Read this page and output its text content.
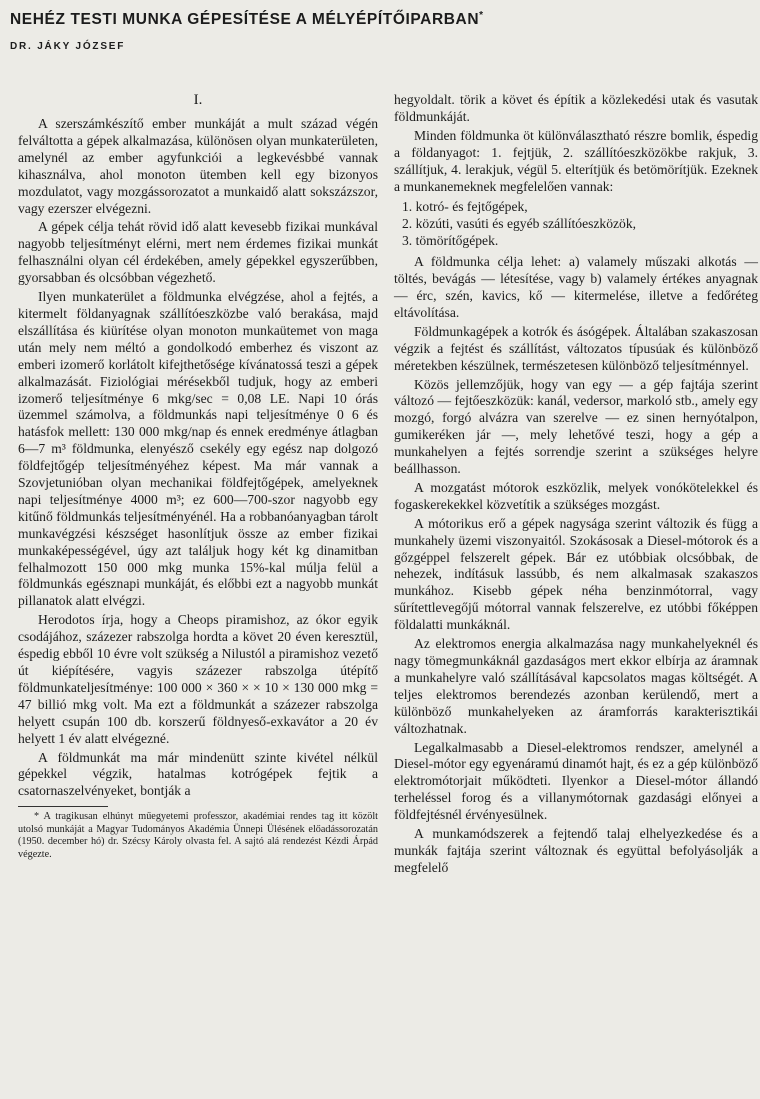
NEHÉZ TESTI MUNKA GÉPESÍTÉSE A MÉLYÉPÍTŐIPARBAN*
DR. JÁKY JÓZSEF
I.

A szerszámkészítő ember munkáját a mult század végén felváltotta a gépek alkalmazása, különösen olyan munkaterületen, amelynél az ember agyfunkciói a legkevésbbé vannak kihasználva, ahol monoton ütemben kell egy bizonyos mozdulatot, vagy mozgássorozatot a munkaidő alatt sokszázszor, vagy ezerszer elvégezni.

A gépek célja tehát rövid idő alatt kevesebb fizikai munkával nagyobb teljesítményt elérni, mert nem érdemes fizikai munkát felhasználni olyan cél érdekében, amely gépekkel egyszerűbben, gyorsabban és olcsóbban végezhető.

Ilyen munkaterület a földmunka elvégzése, ahol a fejtés, a kitermelt földanyagnak szállítóeszközbe való berakása, majd elszállítása és kiürítése olyan monoton munkaütemet von maga után mely nem méltó a gondolkodó emberhez és viszont az emberi izomerő korlátolt kifejthetősége kívánatossá teszi a gépek alkalmazását. Fiziológiai mérésekből tudjuk, hogy az emberi izomerő teljesítménye 6 mkg/sec = 0,08 LE. Napi 10 órás üzemmel számolva, a földmunkás napi teljesítménye 0 6 és hatásfok mellett: 130 000 mkg/nap és ennek eredménye átlagban 6—7 m³ földmunka, elenyésző csekély egy egész nap dolgozó földfejtőgép teljesítményéhez képest. Ma már vannak a Szovjetunióban olyan mechanikai földfejtőgépek, amelyeknek napi teljesítménye 4000 m³; ez 600—700-szor nagyobb egy kitűnő földmunkás teljesítményénél. Ha a robbanóanyagban tárolt munkavégzési készséget hasonlítjuk össze az ember fizikai munkaképességével, úgy azt találjuk hogy két kg dinamitban felhalmozott 150 000 mkg munka 15%-kal múlja felül a földmunkás egésznapi munkáját, és előbbi ezt a nagyobb munkát pillanatok alatt elvégzi.

Herodotos írja, hogy a Cheops piramishoz, az ókor egyik csodájához, százezer rabszolga hordta a követ 20 éven keresztül, éspedig ebből 10 évre volt szükség a Nilustól a piramishoz vezető út kiépítésére, vagyis százezer rabszolga útépítő földmunkateljesítménye: 100 000 × 360 × × 10 × 130 000 mkg = 47 billió mkg volt. Ma ezt a földmunkát a százezer rabszolga helyett csupán 100 db. korszerű földnyeső-exkavátor a 20 év helyett 1 év alatt elvégezné.

A földmunkát ma már mindenütt szinte kivétel nélkül gépekkel végzik, hatalmas kotrógépek fejtik a csatornaszelvényeket, bontják a

* A tragikusan elhúnyt műegyetemi professzor, akadémiai rendes tag itt közölt utolsó munkáját a Magyar Tudományos Akadémia Ünnepi Ülésének előadássorozatán (1950. december hó) dr. Szécsy Károly olvasta fel. A sajtó alá rendezést Kézdi Árpád végezte.

hegyoldalt. törik a követ és építik a közlekedési utak és vasutak földmunkáját.

Minden földmunka öt különválasztható részre bomlik, éspedig a földanyagot: 1. fejtjük, 2. szállítóeszközökbe rakjuk, 3. szállítjuk, 4. lerakjuk, végül 5. elterítjük és betömörítjük. Ezeknek a munkanemeknek megfelelően vannak:

1. kotró- és fejtőgépek,
2. közúti, vasúti és egyéb szállítóeszközök,
3. tömörítőgépek.

A földmunka célja lehet: a) valamely műszaki alkotás — töltés, bevágás — létesítése, vagy b) valamely értékes anyagnak — érc, szén, kavics, kő — kitermelése, illetve a fedőréteg eltávolítása.

Földmunkagépek a kotrók és ásógépek. Általában szakaszosan végzik a fejtést és szállítást, változatos típusúak és különböző méretekben készülnek, természetesen különböző teljesítménnyel.

Közös jellemzőjük, hogy van egy — a gép fajtája szerint változó — fejtőeszközük: kanál, vedersor, markoló stb., amely egy mozgó, forgó alvázra van szerelve — ez sinen hernyótalpon, gumikeréken jár —, mely lehetővé teszi, hogy a gép a munkahelyen a fejtés sorrendje szerint a szükséges helyre beállhasson.

A mozgatást mótorok eszközlik, melyek vonókötelekkel és fogaskerekekkel közvetítik a szükséges mozgást.

A mótorikus erő a gépek nagysága szerint változik és függ a munkahely üzemi viszonyaitól. Szokásosak a Diesel-mótorok és a gőzgéppel felszerelt gépek. Bár ez utóbbiak olcsóbbak, de nehezek, indításuk lassúbb, és nem alkalmasak szakaszos munkához. Kisebb gépek néha benzinmótorral, vagy sűrítettlevegőjű mótorral vannak felszerelve, ez utóbbi főképpen földalatti munkáknál.

Az elektromos energia alkalmazása nagy munkahelyeknél és nagy tömegmunkáknál gazdaságos mert ekkor elbírja az áramnak a munkahelyre való szállításával kapcsolatos magas költségét. A teljes elektromos berendezés azonban kerülendő, mert a különböző munkahelyeken az áramforrás karakterisztikái változhatnak.

Legalkalmasabb a Diesel-elektromos rendszer, amelynél a Diesel-mótor egy egyenáramú dinamót hajt, és ez a gép különböző elektromótorjait működteti. Ilyenkor a Diesel-mótor állandó terheléssel forog és a villanymótornak gazdasági előnyei a földfejtésnél érvényesülnek.

A munkamódszerek a fejtendő talaj elhelyezkedése és a munkák fajtája szerint változnak és együttal befolyásolják a megfelelő
